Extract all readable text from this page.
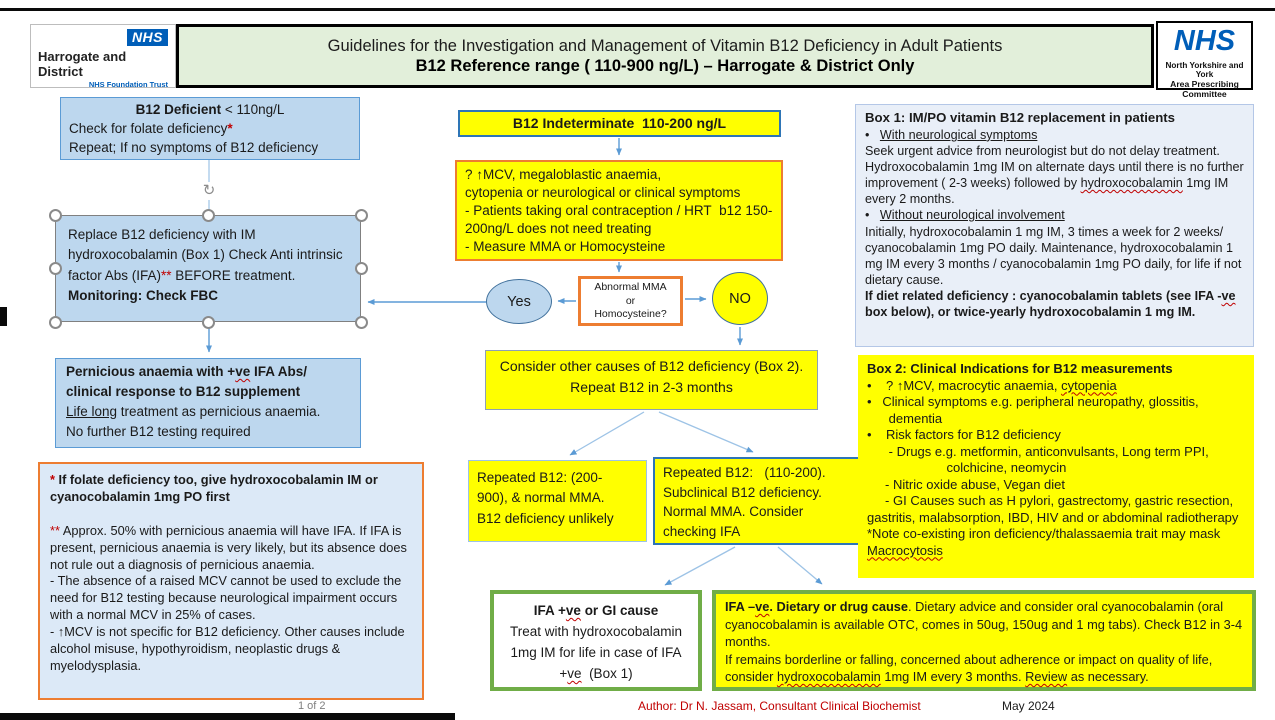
NHS
Harrogate and District
NHS Foundation Trust
Guidelines for the Investigation and Management of Vitamin B12 Deficiency in Adult Patients
B12 Reference range ( 110-900 ng/L) – Harrogate & District Only
NHS
North Yorkshire and York
Area Prescribing Committee
B12 Deficient < 110ng/L
Check for folate deficiency*
Repeat; If no symptoms of B12 deficiency
Replace B12 deficiency with IM hydroxocobalamin (Box 1) Check Anti intrinsic factor Abs (IFA)** BEFORE treatment. Monitoring: Check FBC
↻
Pernicious anaemia with +ve IFA Abs/
clinical response to B12 supplement
Life long treatment as pernicious anaemia.
No further B12 testing required
* If folate deficiency too, give hydroxocobalamin IM or cyanocobalamin 1mg PO first
** Approx. 50% with pernicious anaemia will have IFA. If IFA is present, pernicious anaemia is very likely, but its absence does not rule out a diagnosis of pernicious anaemia.
- The absence of a raised MCV cannot be used to exclude the need for B12 testing because neurological impairment occurs with a normal MCV in 25% of cases.
- ↑MCV is not specific for B12 deficiency. Other causes include alcohol misuse, hypothyroidism, neoplastic drugs & myelodysplasia.
B12 Indeterminate  110-200 ng/L
? ↑MCV, megaloblastic anaemia,
cytopenia or neurological or clinical symptoms
- Patients taking oral contraception / HRT  b12 150-
200ng/L does not need treating
- Measure MMA or Homocysteine
Abnormal MMA
or
Homocysteine?
Yes	NO
Consider other causes of B12 deficiency (Box 2).
Repeat B12 in 2-3 months
Repeated B12: (200-
900), & normal MMA.
B12 deficiency unlikely
Repeated B12:   (110-200).
Subclinical B12 deficiency.
Normal MMA. Consider
checking IFA
IFA +ve or GI cause
Treat with hydroxocobalamin
1mg IM for life in case of IFA
+ve  (Box 1)
IFA –ve. Dietary or drug cause. Dietary advice and consider oral cyanocobalamin (oral cyanocobalamin is available OTC, comes in 50ug, 150ug and 1 mg tabs). Check B12 in 3-4 months.
If remains borderline or falling, concerned about adherence or impact on quality of life, consider hydroxocobalamin 1mg IM every 3 months. Review as necessary.
Box 1: IM/PO vitamin B12 replacement in patients
•   With neurological symptoms
Seek urgent advice from neurologist but do not delay treatment. Hydroxocobalamin 1mg IM on alternate days until there is no further improvement ( 2-3 weeks) followed by hydroxocobalamin 1mg IM every 2 months.
•   Without neurological involvement
Initially, hydroxocobalamin 1 mg IM, 3 times a week for 2 weeks/ cyanocobalamin 1mg PO daily. Maintenance, hydroxocobalamin 1 mg IM every 3 months / cyanocobalamin 1mg PO daily, for life if not dietary cause.
If diet related deficiency : cyanocobalamin tablets (see IFA -ve box below), or twice-yearly hydroxocobalamin 1 mg IM.
Box 2: Clinical Indications for B12 measurements
•    ? ↑MCV, macrocytic anaemia, cytopenia
•   Clinical symptoms e.g. peripheral neuropathy, glossitis,
dementia
•    Risk factors for B12 deficiency
- Drugs e.g. metformin, anticonvulsants, Long term PPI,
colchicine, neomycin
- Nitric oxide abuse, Vegan diet
- GI Causes such as H pylori, gastrectomy, gastric resection,
gastritis, malabsorption, IBD, HIV and or abdominal radiotherapy
*Note co-existing iron deficiency/thalassaemia trait may mask
Macrocytosis
1 of 2	Author: Dr N. Jassam, Consultant Clinical Biochemist	May 2024
